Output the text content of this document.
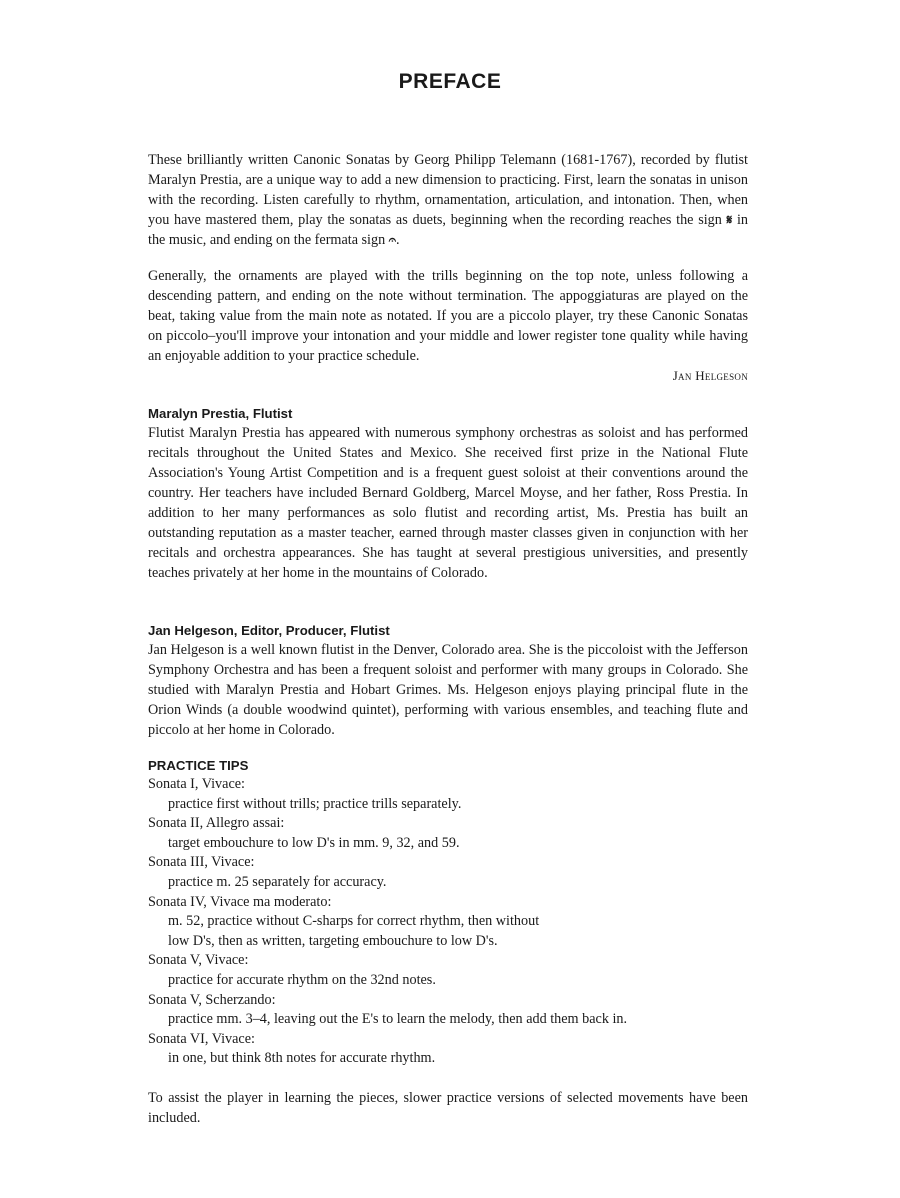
PREFACE

These brilliantly written Canonic Sonatas by Georg Philipp Telemann (1681-1767), recorded by flutist Maralyn Prestia, are a unique way to add a new dimension to practicing. First, learn the sonatas in unison with the recording. Listen carefully to rhythm, ornamentation, articulation, and intonation. Then, when you have mastered them, play the sonatas as duets, beginning when the recording reaches the sign 𝄋 in the music, and ending on the fermata sign 𝄐.

Generally, the ornaments are played with the trills beginning on the top note, unless following a descending pattern, and ending on the note without termination. The appoggiaturas are played on the beat, taking value from the main note as notated. If you are a piccolo player, try these Canonic Sonatas on piccolo–you'll improve your intonation and your middle and lower register tone quality while having an enjoyable addition to your practice schedule.

Jan Helgeson

Maralyn Prestia, Flutist

Flutist Maralyn Prestia has appeared with numerous symphony orchestras as soloist and has performed recitals throughout the United States and Mexico. She received first prize in the National Flute Association's Young Artist Competition and is a frequent guest soloist at their conventions around the country. Her teachers have included Bernard Goldberg, Marcel Moyse, and her father, Ross Prestia. In addition to her many performances as solo flutist and recording artist, Ms. Prestia has built an outstanding reputation as a master teacher, earned through master classes given in conjunction with her recitals and orchestra appearances. She has taught at several prestigious universities, and presently teaches privately at her home in the mountains of Colorado.

Jan Helgeson, Editor, Producer, Flutist

Jan Helgeson is a well known flutist in the Denver, Colorado area. She is the piccoloist with the Jefferson Symphony Orchestra and has been a frequent soloist and performer with many groups in Colorado. She studied with Maralyn Prestia and Hobart Grimes. Ms. Helgeson enjoys playing principal flute in the Orion Winds (a double woodwind quintet), performing with various ensembles, and teaching flute and piccolo at her home in Colorado.

PRACTICE TIPS

Sonata I, Vivace:
practice first without trills; practice trills separately.
Sonata II, Allegro assai:
target embouchure to low D's in mm. 9, 32, and 59.
Sonata III, Vivace:
practice m. 25 separately for accuracy.
Sonata IV, Vivace ma moderato:
m. 52, practice without C-sharps for correct rhythm, then without
low D's, then as written, targeting embouchure to low D's.
Sonata V, Vivace:
practice for accurate rhythm on the 32nd notes.
Sonata V, Scherzando:
practice mm. 3–4, leaving out the E's to learn the melody, then add them back in.
Sonata VI, Vivace:
in one, but think 8th notes for accurate rhythm.

To assist the player in learning the pieces, slower practice versions of selected movements have been included.
